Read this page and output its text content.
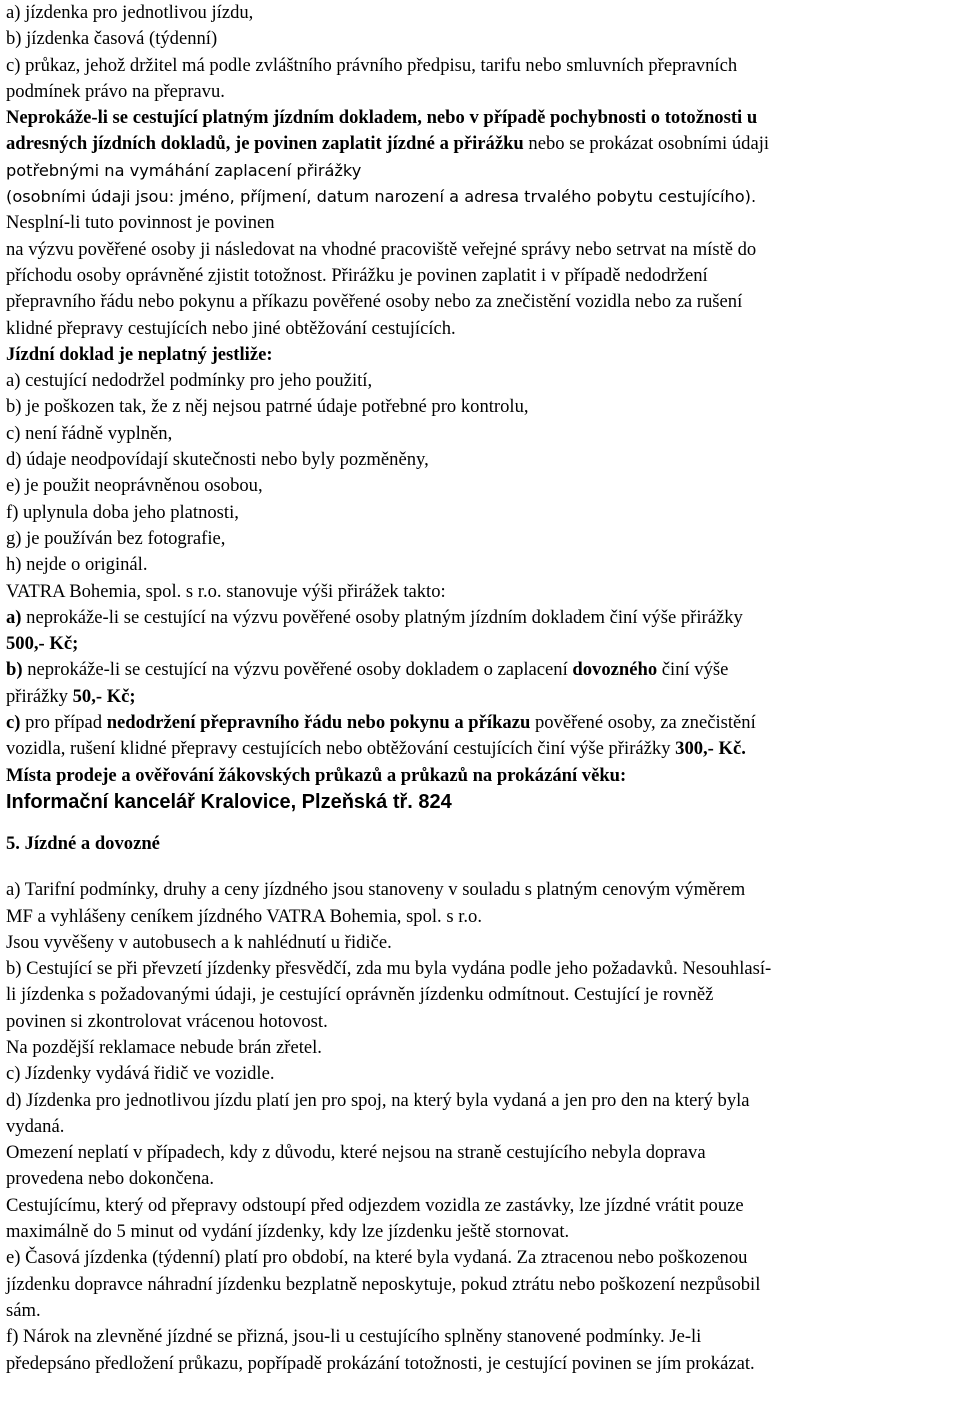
a) jízdenka pro jednotlivou jízdu,
b) jízdenka časová (týdenní)
c) průkaz, jehož držitel má podle zvláštního právního předpisu, tarifu nebo smluvních přepravních
podmínek právo na přepravu.
Neprokáže-li se cestující platným jízdním dokladem, nebo v případě pochybnosti o totožnosti u
adresných jízdních dokladů, je povinen zaplatit jízdné a přirážku nebo se prokázat osobními údaji
potřebnými na vymáhání zaplacení přirážky
(osobními údaji jsou: jméno, příjmení, datum narození a adresa trvalého pobytu cestujícího).
Nesplní-li tuto povinnost je povinen
na výzvu pověřené osoby ji následovat na vhodné pracoviště veřejné správy nebo setrvat na místě do
příchodu osoby oprávněné zjistit totožnost. Přirážku je povinen zaplatit i v případě nedodržení
přepravního řádu nebo pokynu a příkazu pověřené osoby nebo za znečistění vozidla nebo za rušení
klidné přepravy cestujících nebo jiné obtěžování cestujících.
Jízdní doklad je neplatný jestliže:
a) cestující nedodržel podmínky pro jeho použití,
b) je poškozen tak, že z něj nejsou patrné údaje potřebné pro kontrolu,
c) není řádně vyplněn,
d) údaje neodpovídají skutečnosti nebo byly pozměněny,
e) je použit neoprávněnou osobou,
f) uplynula doba jeho platnosti,
g) je používán bez fotografie,
h) nejde o originál.
VATRA Bohemia, spol. s r.o. stanovuje výši přirážek takto:
a) neprokáže-li se cestující na výzvu pověřené osoby platným jízdním dokladem činí výše přirážky
500,- Kč;
b) neprokáže-li se cestující na výzvu pověřené osoby dokladem o zaplacení dovozného činí výše
přirážky 50,- Kč;
c) pro případ nedodržení přepravního řádu nebo pokynu a příkazu pověřené osoby, za znečistění
vozidla, rušení klidné přepravy cestujících nebo obtěžování cestujících činí výše přirážky 300,- Kč.
Místa prodeje a ověřování žákovských průkazů a průkazů na prokázání věku:
Informační kancelář Kralovice, Plzeňská tř. 824
5. Jízdné a dovozné
a) Tarifní podmínky, druhy a ceny jízdného jsou stanoveny v souladu s platným cenovým výměrem
MF a vyhlášeny ceníkem jízdného VATRA Bohemia, spol. s r.o.
Jsou vyvěšeny v autobusech a k nahlédnutí u řidiče.
b) Cestující se při převzetí jízdenky přesvědčí, zda mu byla vydána podle jeho požadavků. Nesouhlasí-
li jízdenka s požadovanými údaji, je cestující oprávněn jízdenku odmítnout. Cestující je rovněž
povinen si zkontrolovat vrácenou hotovost.
Na pozdější reklamace nebude brán zřetel.
c) Jízdenky vydává řidič ve vozidle.
d) Jízdenka pro jednotlivou jízdu platí jen pro spoj, na který byla vydaná a jen pro den na který byla
vydaná.
Omezení neplatí v případech, kdy z důvodu, které nejsou na straně cestujícího nebyla doprava
provedena nebo dokončena.
Cestujícímu, který od přepravy odstoupí před odjezdem vozidla ze zastávky, lze jízdné vrátit pouze
maximálně do 5 minut od vydání jízdenky, kdy lze jízdenku ještě stornovat.
e) Časová jízdenka (týdenní) platí pro období, na které byla vydaná. Za ztracenou nebo poškozenou
jízdenku dopravce náhradní jízdenku bezplatně neposkytuje, pokud ztrátu nebo poškození nezpůsobil
sám.
f) Nárok na zlevněné jízdné se přizná, jsou-li u cestujícího splněny stanovené podmínky. Je-li
předepsáno předložení průkazu, popřípadě prokázání totožnosti, je cestující povinen se jím prokázat.
